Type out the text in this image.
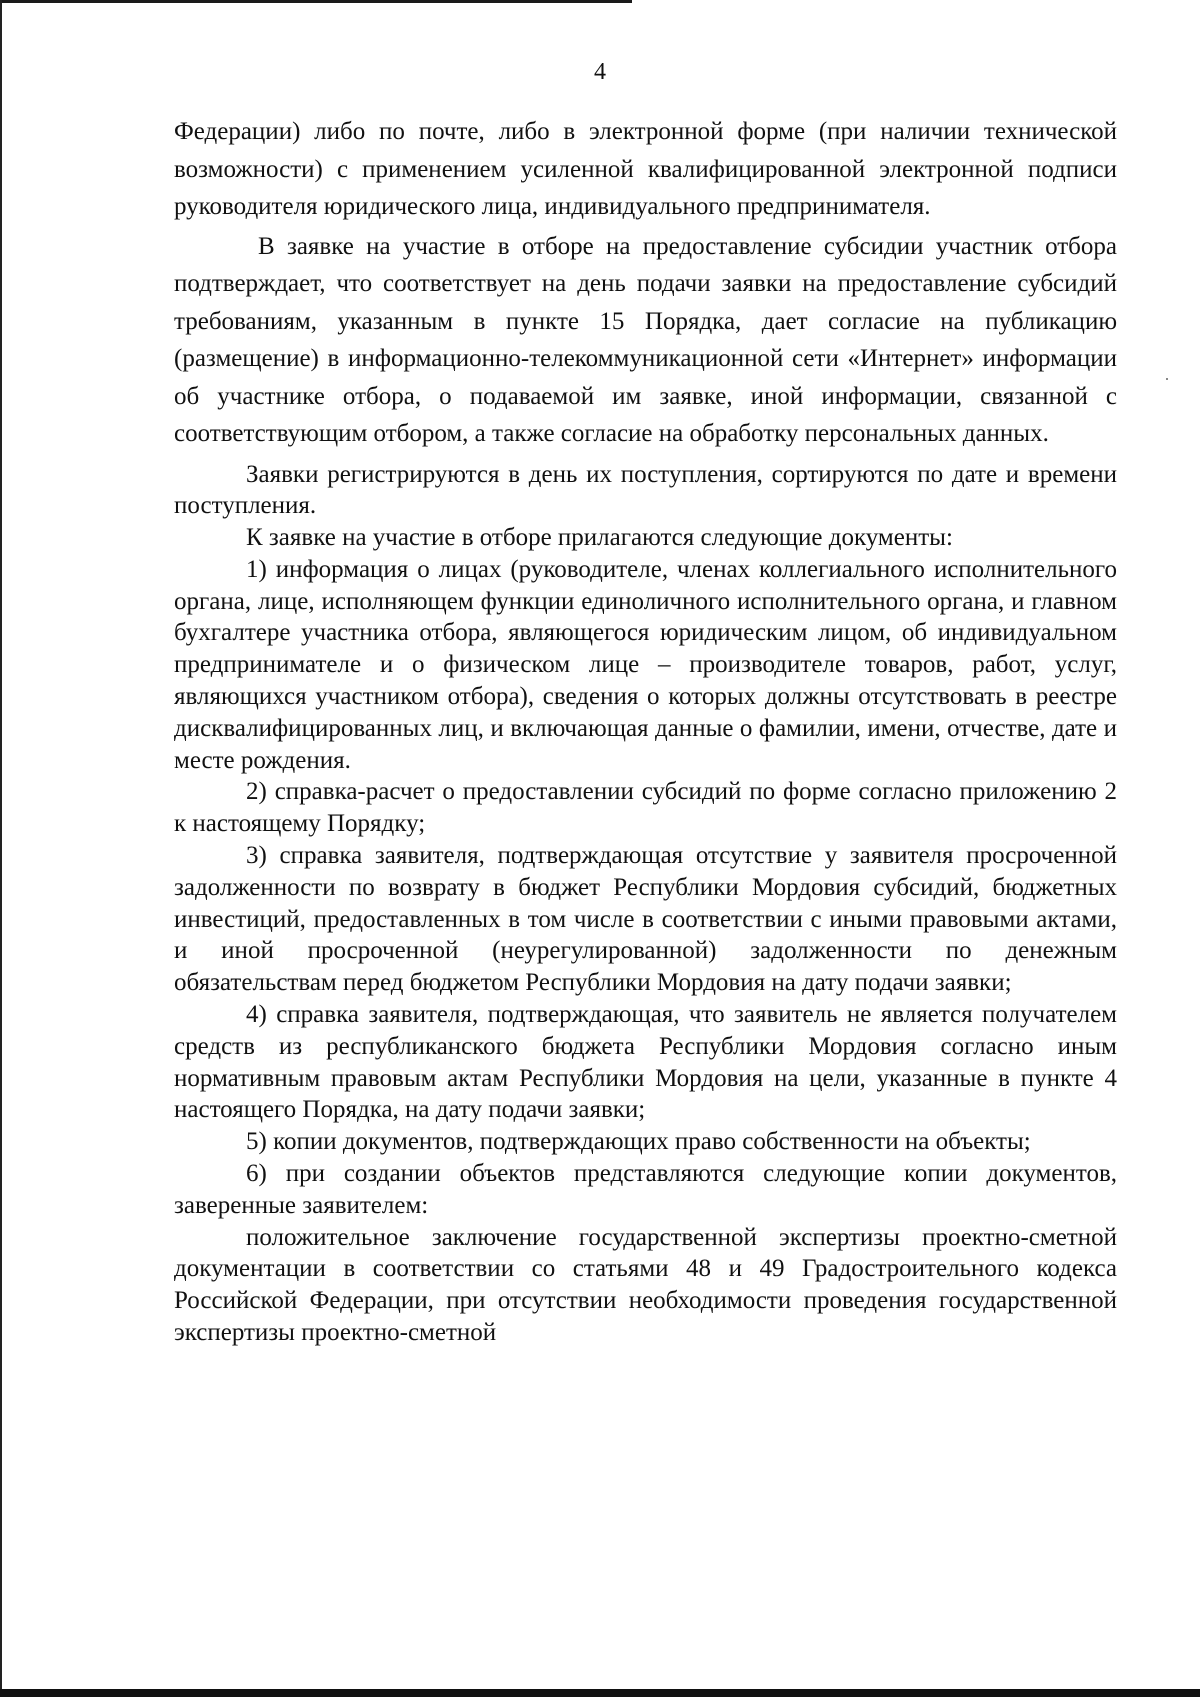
4

Федерации) либо по почте, либо в электронной форме (при наличии технической возможности) с применением усиленной квалифицированной электронной подписи руководителя юридического лица, индивидуального предпринимателя.

В заявке на участие в отборе на предоставление субсидии участник отбора подтверждает, что соответствует на день подачи заявки на предоставление субсидий требованиям, указанным в пункте 15 Порядка, дает согласие на публикацию (размещение) в информационно-телекоммуникационной сети «Интернет» информации об участнике отбора, о подаваемой им заявке, иной информации, связанной с соответствующим отбором, а также согласие на обработку персональных данных.

Заявки регистрируются в день их поступления, сортируются по дате и времени поступления.

К заявке на участие в отборе прилагаются следующие документы:

1) информация о лицах (руководителе, членах коллегиального исполнительного органа, лице, исполняющем функции единоличного исполнительного органа, и главном бухгалтере участника отбора, являющегося юридическим лицом, об индивидуальном предпринимателе и о физическом лице – производителе товаров, работ, услуг, являющихся участником отбора), сведения о которых должны отсутствовать в реестре дисквалифицированных лиц, и включающая данные о фамилии, имени, отчестве, дате и месте рождения.

2) справка-расчет о предоставлении субсидий по форме согласно приложению 2 к настоящему Порядку;

3) справка заявителя, подтверждающая отсутствие у заявителя просроченной задолженности по возврату в бюджет Республики Мордовия субсидий, бюджетных инвестиций, предоставленных в том числе в соответствии с иными правовыми актами, и иной просроченной (неурегулированной) задолженности по денежным обязательствам перед бюджетом Республики Мордовия на дату подачи заявки;

4) справка заявителя, подтверждающая, что заявитель не является получателем средств из республиканского бюджета Республики Мордовия согласно иным нормативным правовым актам Республики Мордовия на цели, указанные в пункте 4 настоящего Порядка, на дату подачи заявки;

5) копии документов, подтверждающих право собственности на объекты;

6) при создании объектов представляются следующие копии документов, заверенные заявителем:

положительное заключение государственной экспертизы проектно-сметной документации в соответствии со статьями 48 и 49 Градостроительного кодекса Российской Федерации, при отсутствии необходимости проведения государственной экспертизы проектно-сметной
